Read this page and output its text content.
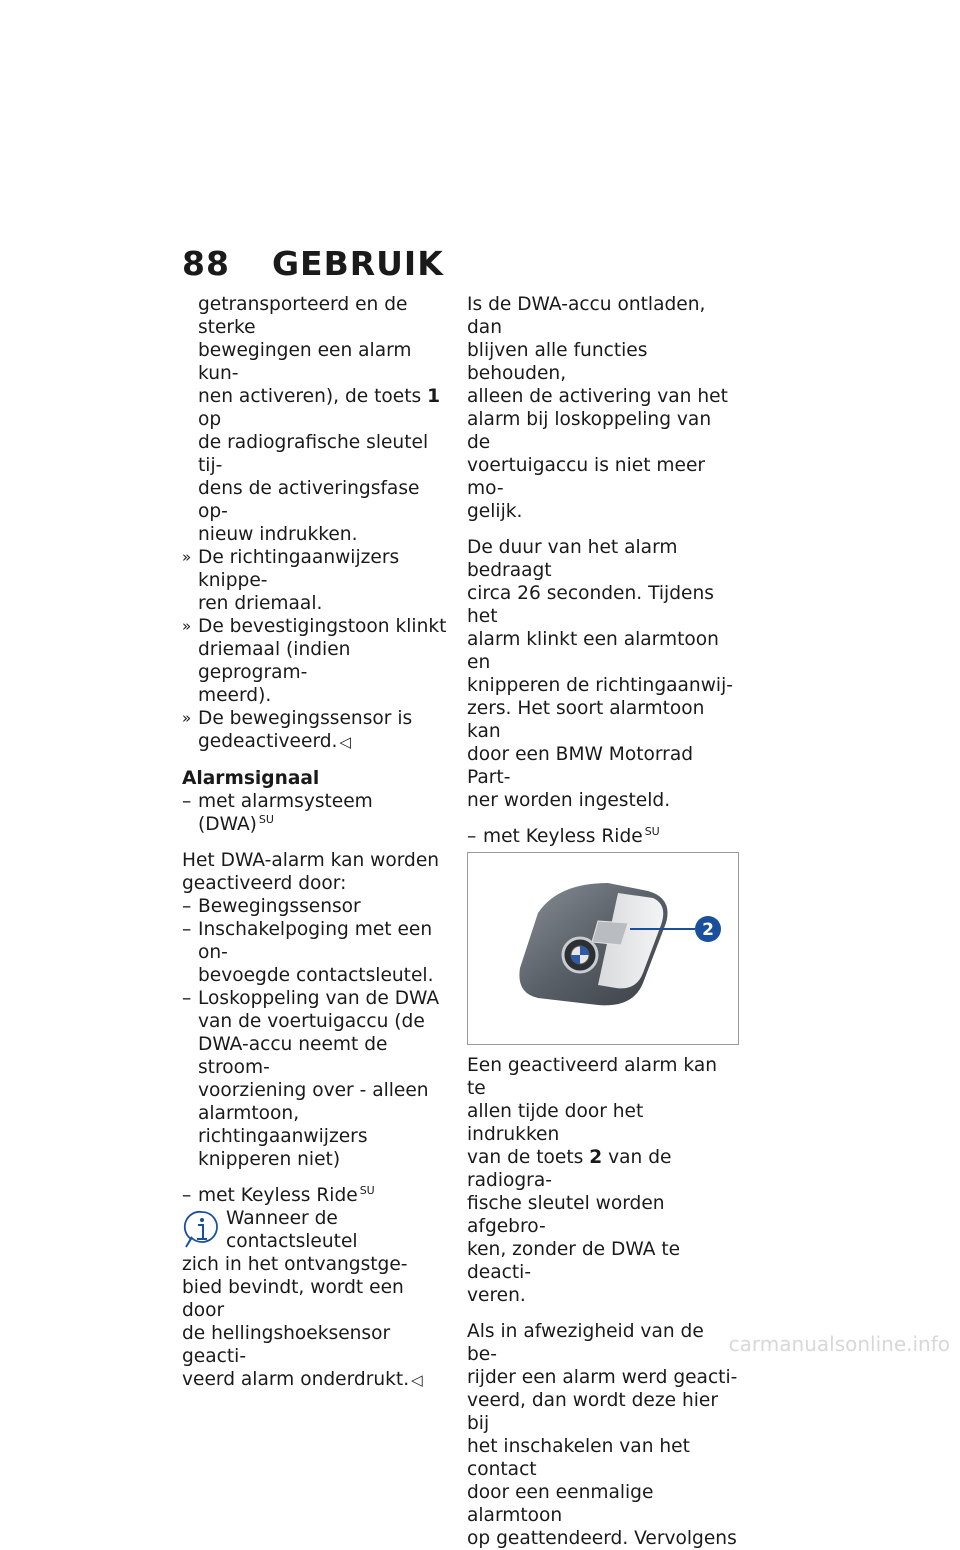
88 GEBRUIK
getransporteerd en de sterke
bewegingen een alarm kun-
nen activeren), de toets 1 op
de radiografische sleutel tij-
dens de activeringsfase op-
nieuw indrukken.
» De richtingaanwijzers knippe-
ren driemaal.
» De bevestigingstoon klinkt
driemaal (indien geprogram-
meerd).
» De bewegingssensor is
gedeactiveerd. ◁
Alarmsignaal
– met alarmsysteem (DWA) $^{SU}$
Het DWA-alarm kan worden
geactiveerd door:
– Bewegingssensor
– Inschakelpoging met een on-
bevoegde contactsleutel.
– Loskoppeling van de DWA
van de voertuigaccu (de
DWA-accu neemt de stroom-
voorziening over - alleen
alarmtoon, richtingaanwijzers
knipperen niet)
– met Keyless Ride $^{SU}$
Wanneer de contactsleutel
zich in het ontvangstge-
bied bevindt, wordt een door
de hellingshoeksensor geacti-
veerd alarm onderdrukt. ◁
Is de DWA-accu ontladen, dan
blijven alle functies behouden,
alleen de activering van het
alarm bij loskoppeling van de
voertuigaccu is niet meer mo-
gelijk.
De duur van het alarm bedraagt
circa 26 seconden. Tijdens het
alarm klinkt een alarmtoon en
knipperen de richtingaanwij-
zers. Het soort alarmtoon kan
door een BMW Motorrad Part-
ner worden ingesteld.
– met Keyless Ride $^{SU}$
2
Een geactiveerd alarm kan te
allen tijde door het indrukken
van de toets 2 van de radiogra-
fische sleutel worden afgebro-
ken, zonder de DWA te deacti-
veren.
Als in afwezigheid van de be-
rijder een alarm werd geacti-
veerd, dan wordt deze hier bij
het inschakelen van het contact
door een eenmalige alarmtoon
op geattendeerd. Vervolgens
carmanualsonline.info
